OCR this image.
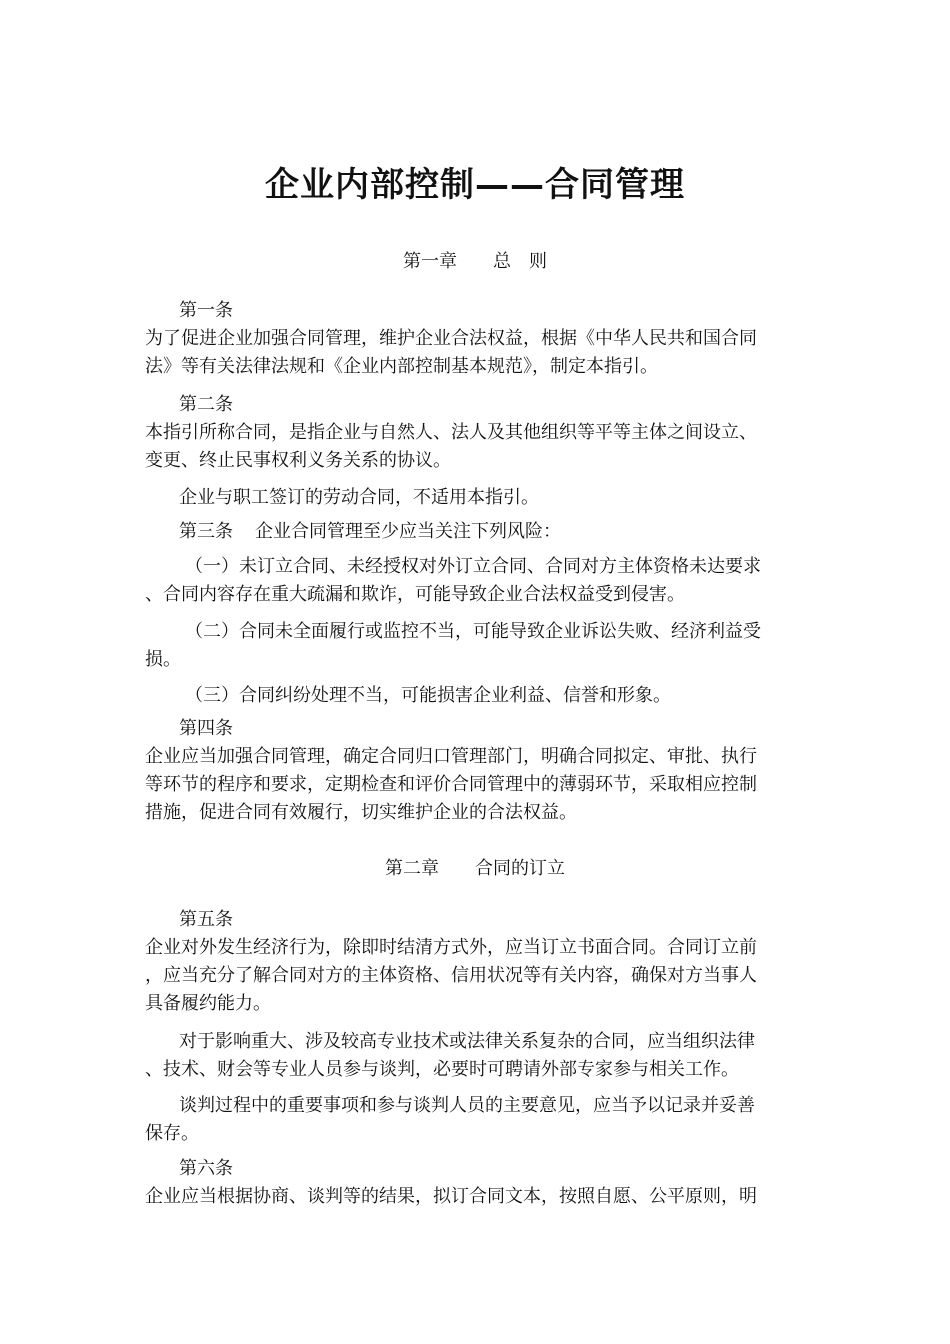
企业内部控制——合同管理
第一章 总　则
第一条
为了促进企业加强合同管理，维护企业合法权益，根据《中华人民共和国合同
法》等有关法律法规和《企业内部控制基本规范》，制定本指引。
第二条
本指引所称合同，是指企业与自然人、法人及其他组织等平等主体之间设立、
变更、终止民事权利义务关系的协议。
企业与职工签订的劳动合同，不适用本指引。
第三条 企业合同管理至少应当关注下列风险：
（一）未订立合同、未经授权对外订立合同、合同对方主体资格未达要求
、合同内容存在重大疏漏和欺诈，可能导致企业合法权益受到侵害。
（二）合同未全面履行或监控不当，可能导致企业诉讼失败、经济利益受
损。
（三）合同纠纷处理不当，可能损害企业利益、信誉和形象。
第四条
企业应当加强合同管理，确定合同归口管理部门，明确合同拟定、审批、执行
等环节的程序和要求，定期检查和评价合同管理中的薄弱环节，采取相应控制
措施，促进合同有效履行，切实维护企业的合法权益。
第二章 合同的订立
第五条
企业对外发生经济行为，除即时结清方式外，应当订立书面合同。合同订立前
，应当充分了解合同对方的主体资格、信用状况等有关内容，确保对方当事人
具备履约能力。
对于影响重大、涉及较高专业技术或法律关系复杂的合同，应当组织法律
、技术、财会等专业人员参与谈判，必要时可聘请外部专家参与相关工作。
谈判过程中的重要事项和参与谈判人员的主要意见，应当予以记录并妥善
保存。
第六条
企业应当根据协商、谈判等的结果，拟订合同文本，按照自愿、公平原则，明
